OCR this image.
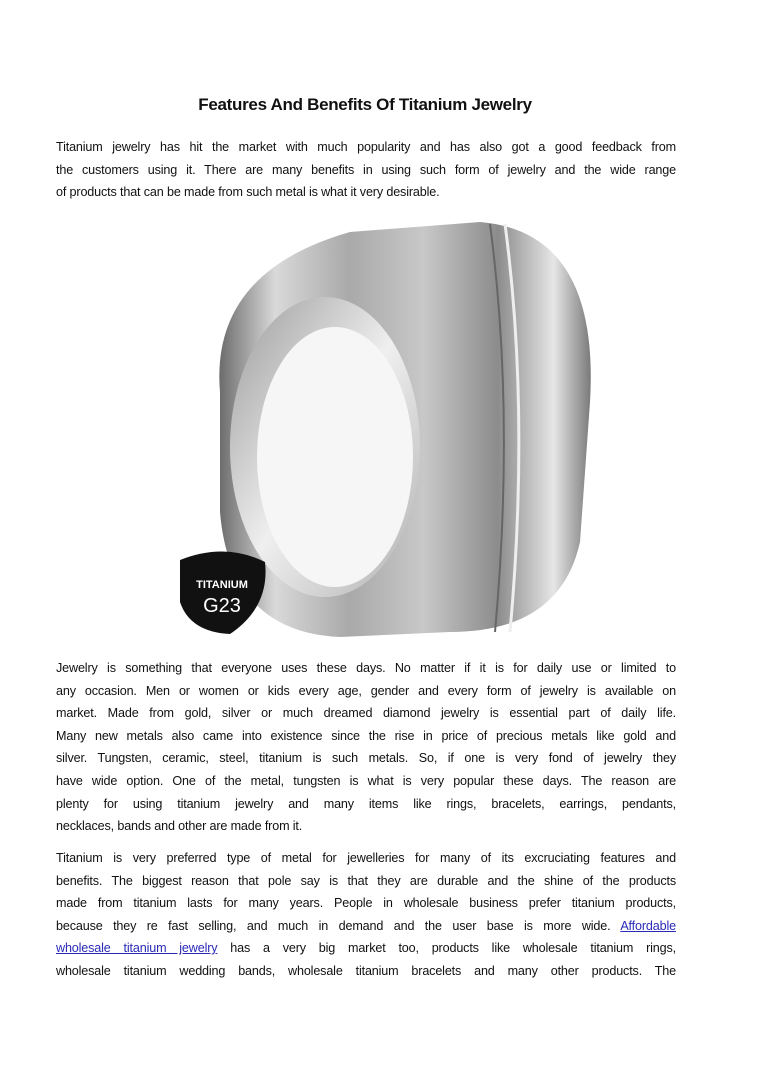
Features And Benefits Of Titanium Jewelry
Titanium jewelry has hit the market with much popularity and has also got a good feedback from
the customers using it. There are many benefits in using such form of jewelry and the wide range
of products that can be made from such metal is what it very desirable.
TITANIUM
G23
Jewelry is something that everyone uses these days. No matter if it is for daily use or limited to
any occasion. Men or women or kids every age, gender and every form of jewelry is available on
market. Made from gold, silver or much dreamed diamond jewelry is essential part of daily life.
Many new metals also came into existence since the rise in price of precious metals like gold and
silver. Tungsten, ceramic, steel, titanium is such metals. So, if one is very fond of jewelry they
have wide option. One of the metal, tungsten is what is very popular these days. The reason are
plenty for using titanium jewelry and many items like rings, bracelets, earrings, pendants,
necklaces, bands and other are made from it.
Titanium is very preferred type of metal for jewelleries for many of its excruciating features and
benefits. The biggest reason that pole say is that they are durable and the shine of the products
made from titanium lasts for many years. People in wholesale business prefer titanium products,
because they re fast selling, and much in demand and the user base is more wide. Affordable
wholesale titanium jewelry has a very big market too, products like wholesale titanium rings,
wholesale titanium wedding bands, wholesale titanium bracelets and many other products. The
